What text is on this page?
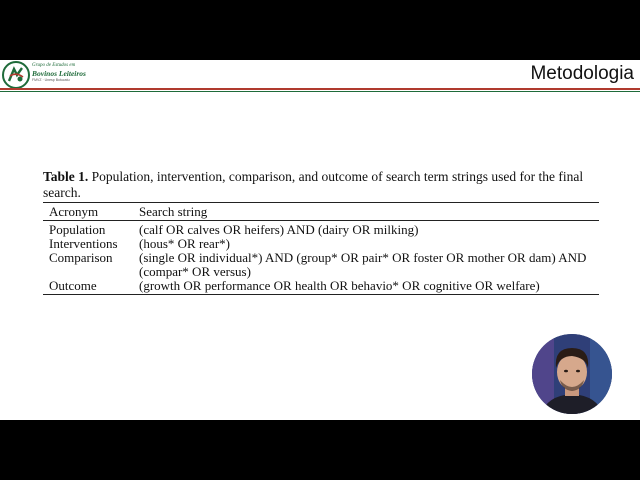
Grupo de Estudos em
Bovinos Leiteiros
FMVZ · Unesp Botucatu	Metodologia

Table 1. Population, intervention, comparison, and outcome of search term strings used for the final search.

Acronym	Search string
Population	(calf OR calves OR heifers) AND (dairy OR milking)
Interventions	(hous* OR rear*)
Comparison	(single OR individual*) AND (group* OR pair* OR foster OR mother OR dam) AND (compar* OR versus)
Outcome	(growth OR performance OR health OR behavio* OR cognitive OR welfare)
